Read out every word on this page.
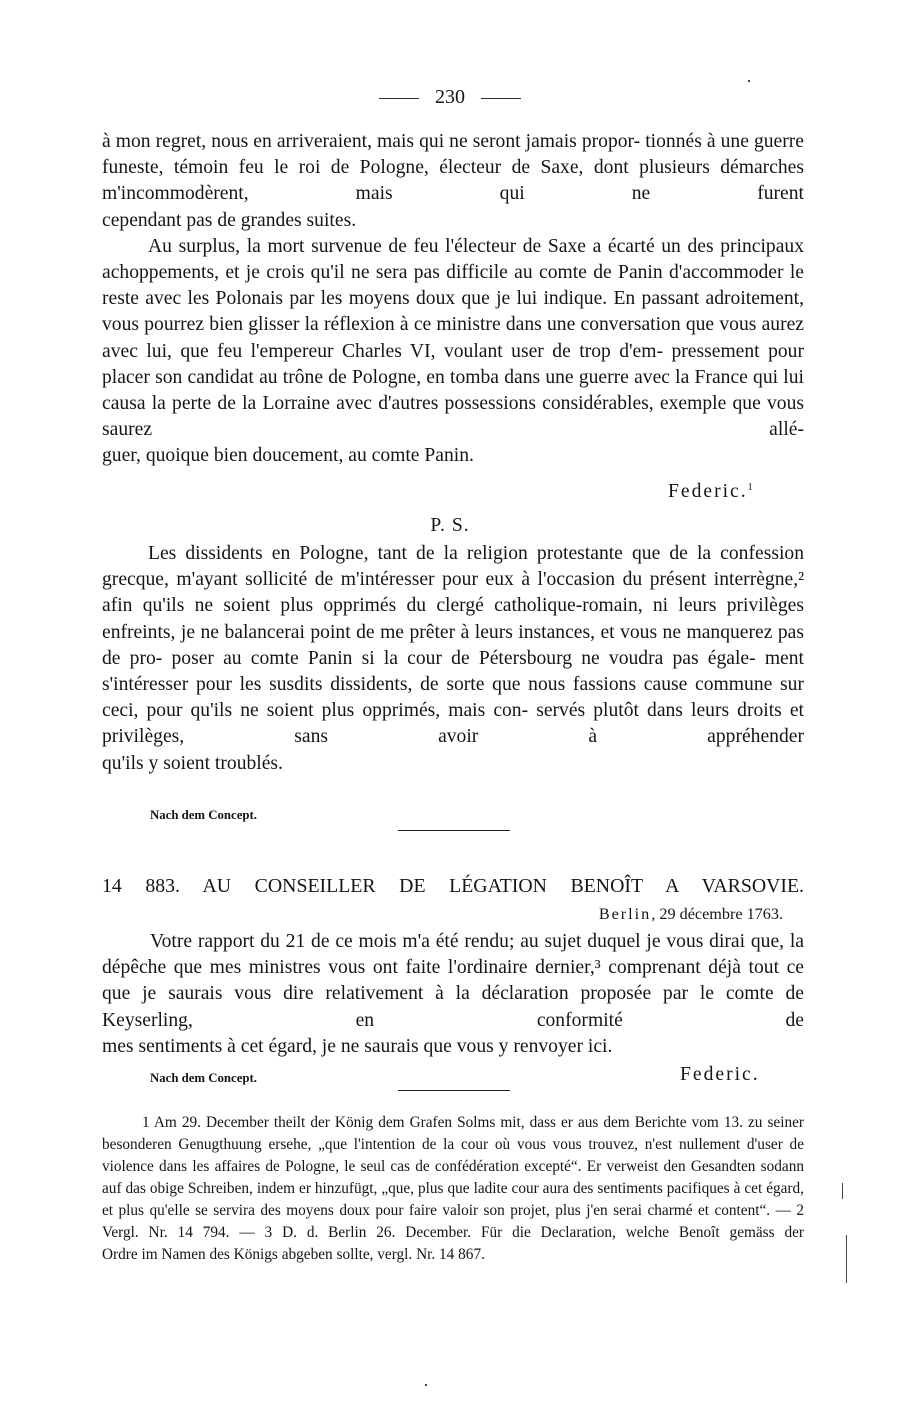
230

à mon regret, nous en arriveraient, mais qui ne seront jamais propor- tionnés à une guerre funeste, témoin feu le roi de Pologne, électeur de Saxe, dont plusieurs démarches m'incommodèrent, mais qui ne furent

cependant pas de grandes suites.

Au surplus, la mort survenue de feu l'électeur de Saxe a écarté un des principaux achoppements, et je crois qu'il ne sera pas difficile au comte de Panin d'accommoder le reste avec les Polonais par les moyens doux que je lui indique. En passant adroitement, vous pourrez bien glisser la réflexion à ce ministre dans une conversation que vous aurez avec lui, que feu l'empereur Charles VI, voulant user de trop d'em- pressement pour placer son candidat au trône de Pologne, en tomba dans une guerre avec la France qui lui causa la perte de la Lorraine avec d'autres possessions considérables, exemple que vous saurez allé-

guer, quoique bien doucement, au comte Panin.

Federic.$^1$
P. S.

Les dissidents en Pologne, tant de la religion protestante que de la confession grecque, m'ayant sollicité de m'intéresser pour eux à l'occasion du présent interrègne,² afin qu'ils ne soient plus opprimés du clergé catholique-romain, ni leurs privilèges enfreints, je ne balancerai point de me prêter à leurs instances, et vous ne manquerez pas de pro- poser au comte Panin si la cour de Pétersbourg ne voudra pas égale- ment s'intéresser pour les susdits dissidents, de sorte que nous fassions cause commune sur ceci, pour qu'ils ne soient plus opprimés, mais con- servés plutôt dans leurs droits et privilèges, sans avoir à appréhender

qu'ils y soient troublés.

Nach dem Concept.
14 883. AU CONSEILLER DE LÉGATION BENOÎT A VARSOVIE.
Berlin, 29 décembre 1763.

Votre rapport du 21 de ce mois m'a été rendu; au sujet duquel je vous dirai que, la dépêche que mes ministres vous ont faite l'ordinaire dernier,³ comprenant déjà tout ce que je saurais vous dire relativement à la déclaration proposée par le comte de Keyserling, en conformité de

mes sentiments à cet égard, je ne saurais que vous y renvoyer ici.

Nach dem Concept.	Federic.

1 Am 29. December theilt der König dem Grafen Solms mit, dass er aus dem Berichte vom 13. zu seiner besonderen Genugthuung ersehe, „que l'intention de la cour où vous vous trouvez, n'est nullement d'user de violence dans les affaires de Pologne, le seul cas de confédération excepté“. Er verweist den Gesandten sodann auf das obige Schreiben, indem er hinzufügt, „que, plus que ladite cour aura des sentiments pacifiques à cet égard, et plus qu'elle se servira des moyens doux pour faire valoir son projet, plus j'en serai charmé et content“. — 2 Vergl. Nr. 14 794. — 3 D. d. Berlin 26. December. Für die Declaration, welche Benoît gemäss der

Ordre im Namen des Königs abgeben sollte, vergl. Nr. 14 867.
